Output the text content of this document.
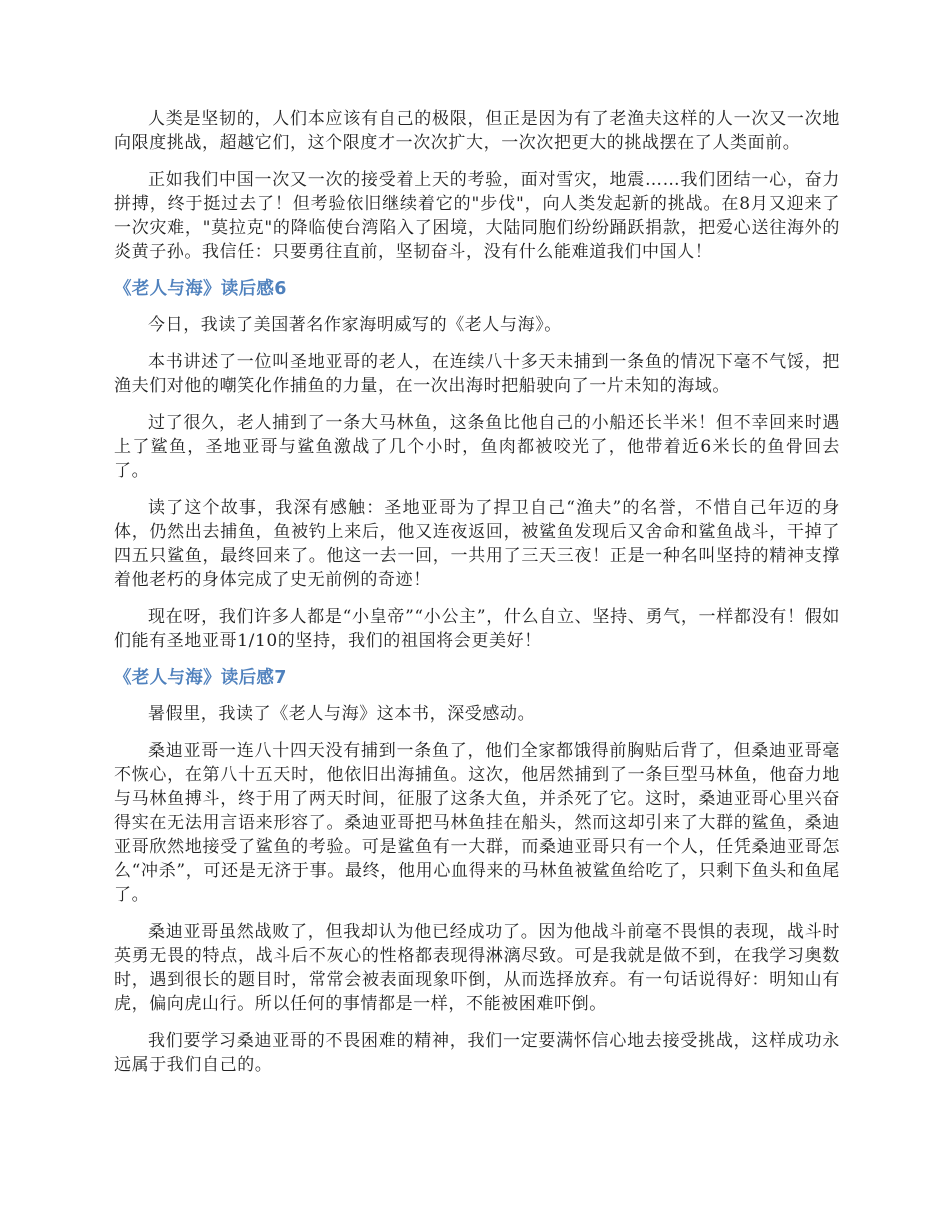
人类是坚韧的，人们本应该有自己的极限，但正是因为有了老渔夫这样的人一次又一次地向限度挑战，超越它们，这个限度才一次次扩大，一次次把更大的挑战摆在了人类面前。

正如我们中国一次又一次的接受着上天的考验，面对雪灾，地震……我们团结一心，奋力拼搏，终于挺过去了！但考验依旧继续着它的"步伐"，向人类发起新的挑战。在8月又迎来了一次灾难，"莫拉克"的降临使台湾陷入了困境，大陆同胞们纷纷踊跃捐款，把爱心送往海外的炎黄子孙。我信任：只要勇往直前，坚韧奋斗，没有什么能难道我们中国人！

《老人与海》读后感6

今日，我读了美国著名作家海明威写的《老人与海》。

本书讲述了一位叫圣地亚哥的老人，在连续八十多天未捕到一条鱼的情况下毫不气馁，把渔夫们对他的嘲笑化作捕鱼的力量，在一次出海时把船驶向了一片未知的海域。

过了很久，老人捕到了一条大马林鱼，这条鱼比他自己的小船还长半米！但不幸回来时遇上了鲨鱼，圣地亚哥与鲨鱼激战了几个小时，鱼肉都被咬光了，他带着近6米长的鱼骨回去了。

读了这个故事，我深有感触：圣地亚哥为了捍卫自己“渔夫”的名誉，不惜自己年迈的身体，仍然出去捕鱼，鱼被钓上来后，他又连夜返回，被鲨鱼发现后又舍命和鲨鱼战斗，干掉了四五只鲨鱼，最终回来了。他这一去一回，一共用了三天三夜！正是一种名叫坚持的精神支撑着他老朽的身体完成了史无前例的奇迹！

现在呀，我们许多人都是“小皇帝”“小公主”，什么自立、坚持、勇气，一样都没有！假如们能有圣地亚哥1/10的坚持，我们的祖国将会更美好！

《老人与海》读后感7

暑假里，我读了《老人与海》这本书，深受感动。

桑迪亚哥一连八十四天没有捕到一条鱼了，他们全家都饿得前胸贴后背了，但桑迪亚哥毫不恢心，在第八十五天时，他依旧出海捕鱼。这次，他居然捕到了一条巨型马林鱼，他奋力地与马林鱼搏斗，终于用了两天时间，征服了这条大鱼，并杀死了它。这时，桑迪亚哥心里兴奋得实在无法用言语来形容了。桑迪亚哥把马林鱼挂在船头，然而这却引来了大群的鲨鱼，桑迪亚哥欣然地接受了鲨鱼的考验。可是鲨鱼有一大群，而桑迪亚哥只有一个人，任凭桑迪亚哥怎么“冲杀”，可还是无济于事。最终，他用心血得来的马林鱼被鲨鱼给吃了，只剩下鱼头和鱼尾了。

桑迪亚哥虽然战败了，但我却认为他已经成功了。因为他战斗前毫不畏惧的表现，战斗时英勇无畏的特点，战斗后不灰心的性格都表现得淋漓尽致。可是我就是做不到，在我学习奥数时，遇到很长的题目时，常常会被表面现象吓倒，从而选择放弃。有一句话说得好：明知山有虎，偏向虎山行。所以任何的事情都是一样，不能被困难吓倒。

我们要学习桑迪亚哥的不畏困难的精神，我们一定要满怀信心地去接受挑战，这样成功永远属于我们自己的。
